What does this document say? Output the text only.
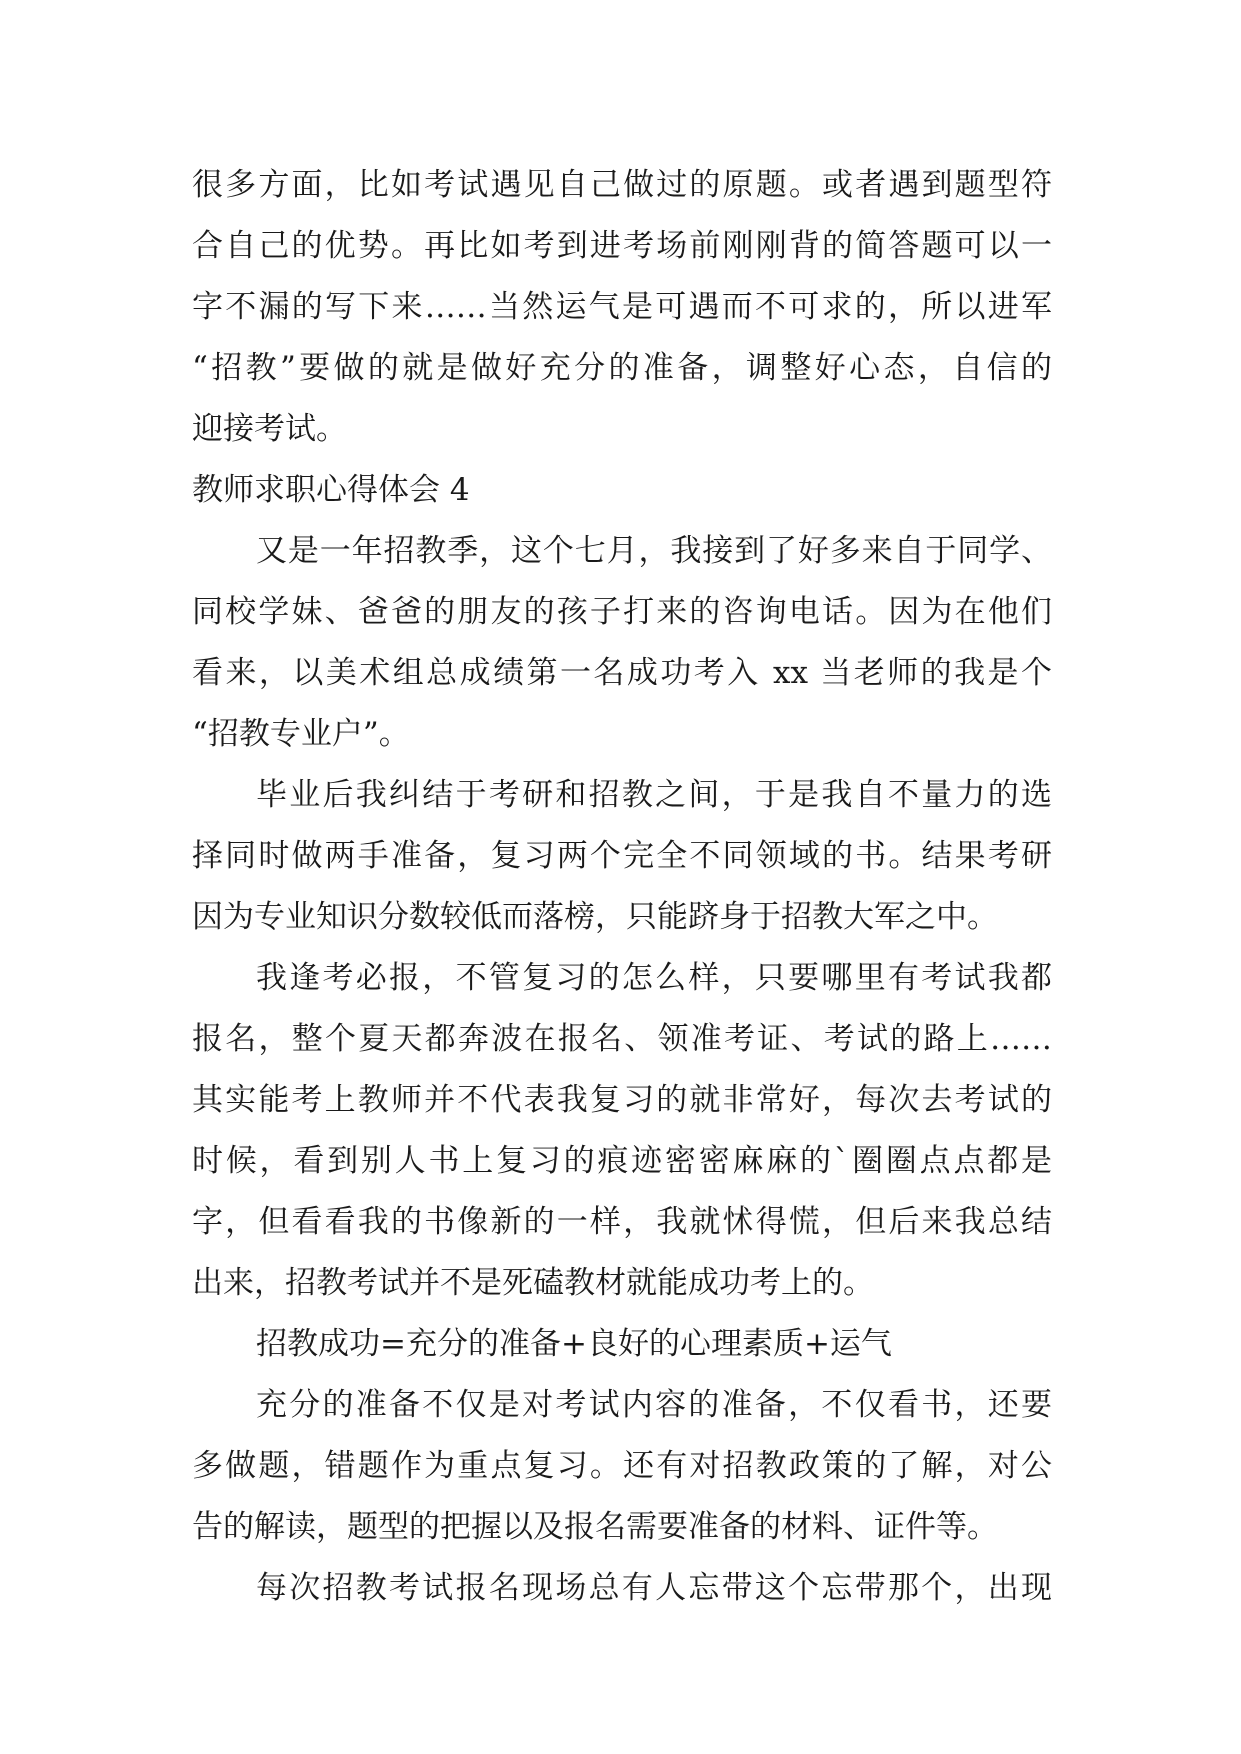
很多方面，比如考试遇见自己做过的原题。或者遇到题型符
合自己的优势。再比如考到进考场前刚刚背的简答题可以一
字不漏的写下来……当然运气是可遇而不可求的，所以进军
“招教”要做的就是做好充分的准备，调整好心态，自信的
迎接考试。
教师求职心得体会 4
又是一年招教季，这个七月，我接到了好多来自于同学、
同校学妹、爸爸的朋友的孩子打来的咨询电话。因为在他们
看来，以美术组总成绩第一名成功考入 xx 当老师的我是个
“招教专业户”。
毕业后我纠结于考研和招教之间，于是我自不量力的选
择同时做两手准备，复习两个完全不同领域的书。结果考研
因为专业知识分数较低而落榜，只能跻身于招教大军之中。
我逢考必报，不管复习的怎么样，只要哪里有考试我都
报名，整个夏天都奔波在报名、领准考证、考试的路上……
其实能考上教师并不代表我复习的就非常好，每次去考试的
时候，看到别人书上复习的痕迹密密麻麻的`圈圈点点都是
字，但看看我的书像新的一样，我就怵得慌，但后来我总结
出来，招教考试并不是死磕教材就能成功考上的。
招教成功=充分的准备+良好的心理素质+运气
充分的准备不仅是对考试内容的准备，不仅看书，还要
多做题，错题作为重点复习。还有对招教政策的了解，对公
告的解读，题型的把握以及报名需要准备的材料、证件等。
每次招教考试报名现场总有人忘带这个忘带那个，出现
